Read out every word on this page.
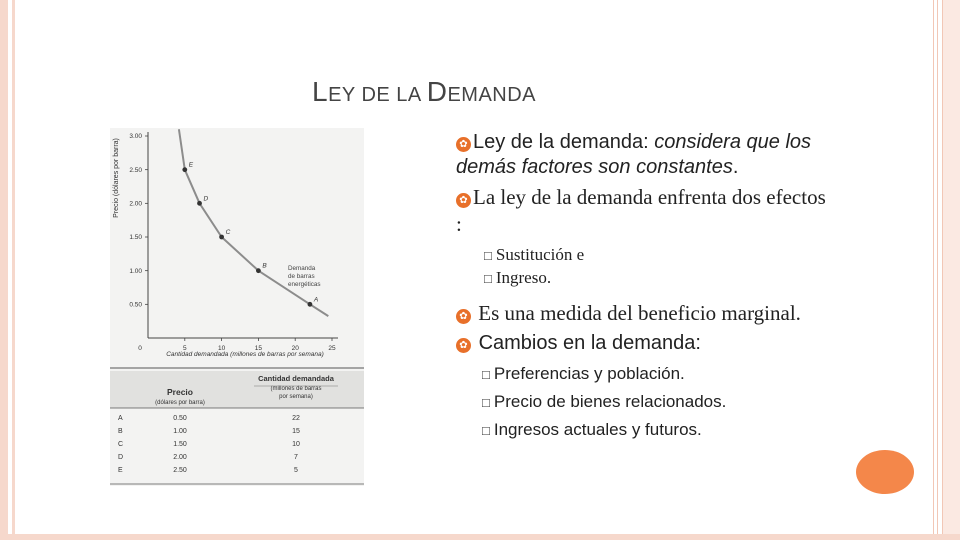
LEY DE LA DEMANDA
Precio (dólares por barra)
0	5	10	15	20	25
0.50
1.00
1.50
2.00
2.50
3.00
A
B
C
D
E
Cantidad demandada (millones de barras por semana)
Demanda
de barras
energéticas
Precio
(dólares por barra)
Cantidad demandada
(millones de barras
por semana)
A	0.50	22
B	1.00	15
C	1.50	10
D	2.00	7
E	2.50	5

✿ Ley de la demanda: considera que los demás factores son constantes.

✿ La ley de la demanda enfrenta dos efectos :

□ Sustitución e

□ Ingreso.

✿ Es una medida del beneficio marginal.

✿ Cambios en la demanda:

□ Preferencias y población.

□ Precio de bienes relacionados.

□ Ingresos actuales y futuros.
